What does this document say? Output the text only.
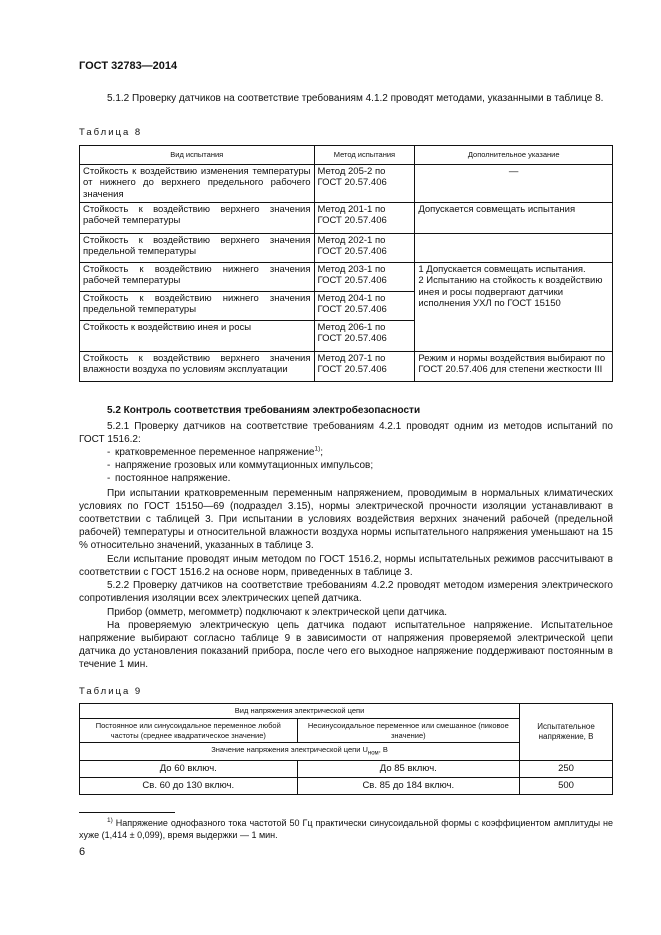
ГОСТ 32783—2014
5.1.2 Проверку датчиков на соответствие требованиям 4.1.2 проводят методами, указанными в таблице 8.
Таблица 8
Вид испытания	Метод испытания	Дополнительное указание
Стойкость к воздействию изменения температуры от нижнего до верхнего предельного рабочего значения	Метод 205-2 по ГОСТ 20.57.406	—
Стойкость к воздействию верхнего значения рабочей температуры	Метод 201-1 по ГОСТ 20.57.406	Допускается совмещать испытания
Стойкость к воздействию верхнего значения предельной температуры	Метод 202-1 по ГОСТ 20.57.406	
Стойкость к воздействию нижнего значения рабочей температуры	Метод 203-1 по ГОСТ 20.57.406	1 Допускается совмещать испытания.
2 Испытанию на стойкость к воздействию инея и росы подвергают датчики исполнения УХЛ по ГОСТ 15150

Стойкость к воздействию нижнего значения предельной температуры	Метод 204-1 по ГОСТ 20.57.406	
Стойкость к воздействию инея и росы	Метод 206-1 по ГОСТ 20.57.406	
Стойкость к воздействию верхнего значения влажности воздуха по условиям эксплуатации	Метод 207-1 по ГОСТ 20.57.406	Режим и нормы воздействия выбирают по ГОСТ 20.57.406 для степени жесткости III
5.2 Контроль соответствия требованиям электробезопасности
5.2.1 Проверку датчиков на соответствие требованиям 4.2.1 проводят одним из методов испытаний по ГОСТ 1516.2:
- кратковременное переменное напряжение$^{1)}$;
- напряжение грозовых или коммутационных импульсов;
- постоянное напряжение.
При испытании кратковременным переменным напряжением, проводимым в нормальных климатических условиях по ГОСТ 15150—69 (подраздел 3.15), нормы электрической прочности изоляции устанавливают в соответствии с таблицей 3. При испытании в условиях воздействия верхних значений рабочей (предельной рабочей) температуры и относительной влажности воздуха нормы испытательного напряжения уменьшают на 15 % относительно значений, указанных в таблице 3.
Если испытание проводят иным методом по ГОСТ 1516.2, нормы испытательных режимов рассчитывают в соответствии с ГОСТ 1516.2 на основе норм, приведенных в таблице 3.
5.2.2 Проверку датчиков на соответствие требованиям 4.2.2 проводят методом измерения электрического сопротивления изоляции всех электрических цепей датчика.
Прибор (омметр, мегомметр) подключают к электрической цепи датчика.
На проверяемую электрическую цепь датчика подают испытательное напряжение. Испытательное напряжение выбирают согласно таблице 9 в зависимости от напряжения проверяемой электрической цепи датчика до установления показаний прибора, после чего его выходное напряжение поддерживают постоянным в течение 1 мин.
Таблица 9
Вид напряжения электрической цепи		Испытательное напряжение, В
Постоянное или синусоидальное переменное любой частоты (среднее квадратическое значение)	Несинусоидальное переменное или смешанное (пиковое значение)	
Значение напряжения электрической цепи $U_{ном}$, В		
До 60 включ.	До 85 включ.	250
Св. 60 до 130 включ.	Св. 85 до 184 включ.	500
$^{1)}$ Напряжение однофазного тока частотой 50 Гц практически синусоидальной формы с коэффициентом амплитуды не хуже (1,414 ± 0,099), время выдержки — 1 мин.
6
